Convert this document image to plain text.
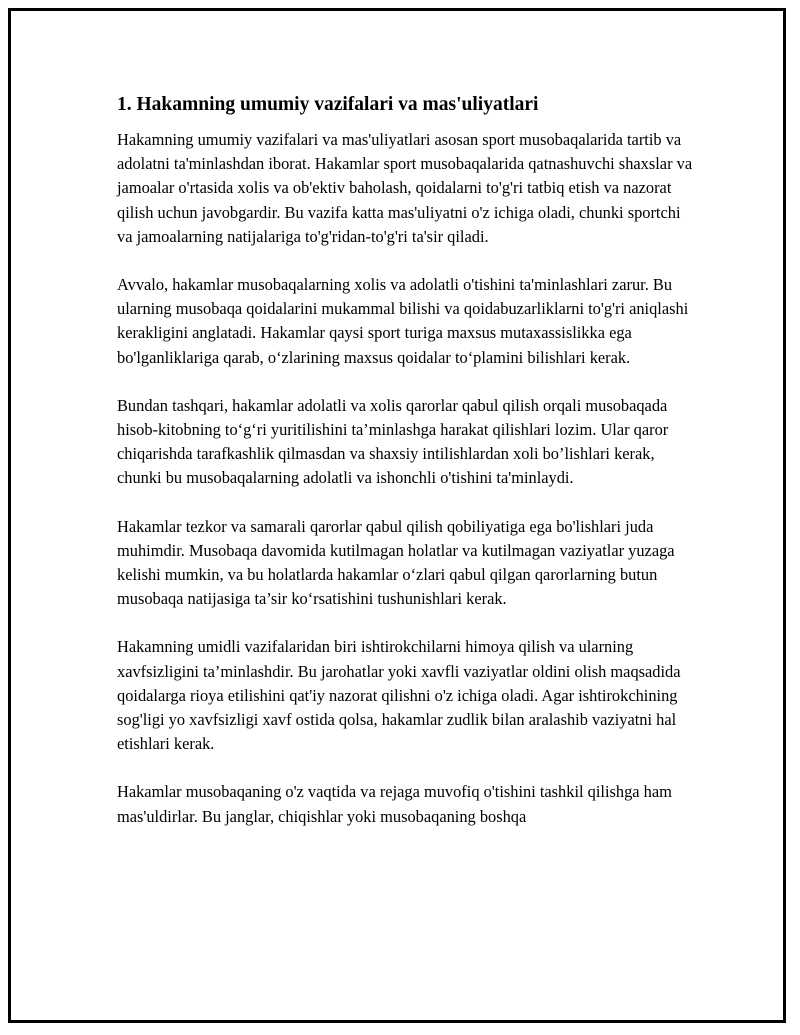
1. Hakamning umumiy vazifalari va mas'uliyatlari

Hakamning umumiy vazifalari va mas'uliyatlari asosan sport musobaqalarida tartib va adolatni ta'minlashdan iborat. Hakamlar sport musobaqalarida qatnashuvchi shaxslar va jamoalar o'rtasida xolis va ob'ektiv baholash, qoidalarni to'g'ri tatbiq etish va nazorat qilish uchun javobgardir. Bu vazifa katta mas'uliyatni o'z ichiga oladi, chunki sportchi va jamoalarning natijalariga to'g'ridan-to'g'ri ta'sir qiladi.

Avvalo, hakamlar musobaqalarning xolis va adolatli o'tishini ta'minlashlari zarur. Bu ularning musobaqa qoidalarini mukammal bilishi va qoidabuzarliklarni to'g'ri aniqlashi kerakligini anglatadi. Hakamlar qaysi sport turiga maxsus mutaxassislikka ega bo'lganliklariga qarab, o‘zlarining maxsus qoidalar to‘plamini bilishlari kerak.

Bundan tashqari, hakamlar adolatli va xolis qarorlar qabul qilish orqali musobaqada hisob-kitobning to‘g‘ri yuritilishini ta’minlashga harakat qilishlari lozim. Ular qaror chiqarishda tarafkashlik qilmasdan va shaxsiy intilishlardan xoli bo’lishlari kerak, chunki bu musobaqalarning adolatli va ishonchli o'tishini ta'minlaydi.

Hakamlar tezkor va samarali qarorlar qabul qilish qobiliyatiga ega bo'lishlari juda muhimdir. Musobaqa davomida kutilmagan holatlar va kutilmagan vaziyatlar yuzaga kelishi mumkin, va bu holatlarda hakamlar o‘zlari qabul qilgan qarorlarning butun musobaqa natijasiga ta’sir ko‘rsatishini tushunishlari kerak.

Hakamning umidli vazifalaridan biri ishtirokchilarni himoya qilish va ularning xavfsizligini ta’minlashdir. Bu jarohatlar yoki xavfli vaziyatlar oldini olish maqsadida qoidalarga rioya etilishini qat'iy nazorat qilishni o'z ichiga oladi. Agar ishtirokchining sog'ligi yo xavfsizligi xavf ostida qolsa, hakamlar zudlik bilan aralashib vaziyatni hal etishlari kerak.

Hakamlar musobaqaning o'z vaqtida va rejaga muvofiq o'tishini tashkil qilishga ham mas'uldirlar. Bu janglar, chiqishlar yoki musobaqaning boshqa
